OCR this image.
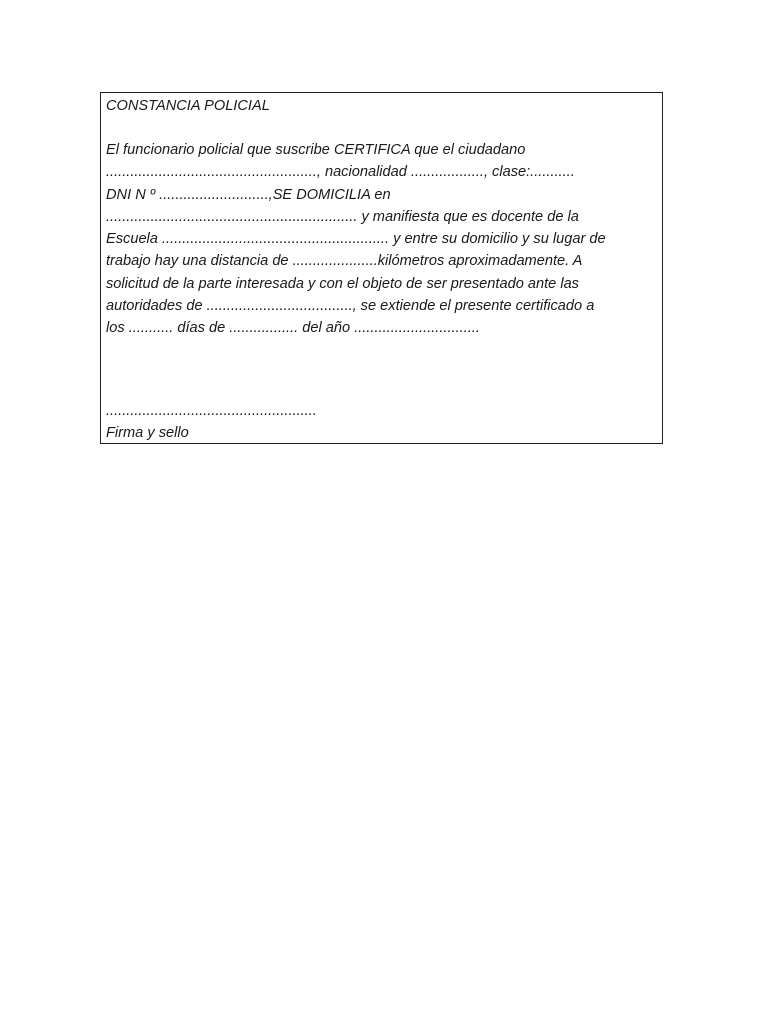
CONSTANCIA POLICIAL

El funcionario policial que suscribe CERTIFICA que el ciudadano

...................................................., nacionalidad .................., clase:...........

DNI N º ...........................,SE DOMICILIA en

.............................................................. y manifiesta que es docente de la

Escuela ........................................................ y entre su domicilio y su lugar de

trabajo hay una distancia de .....................kilómetros aproximadamente. A

solicitud de la parte interesada y con el objeto de ser presentado ante las

autoridades de ...................................., se extiende el presente certificado a

los ........... días de ................. del año ...............................

....................................................

Firma y sello
